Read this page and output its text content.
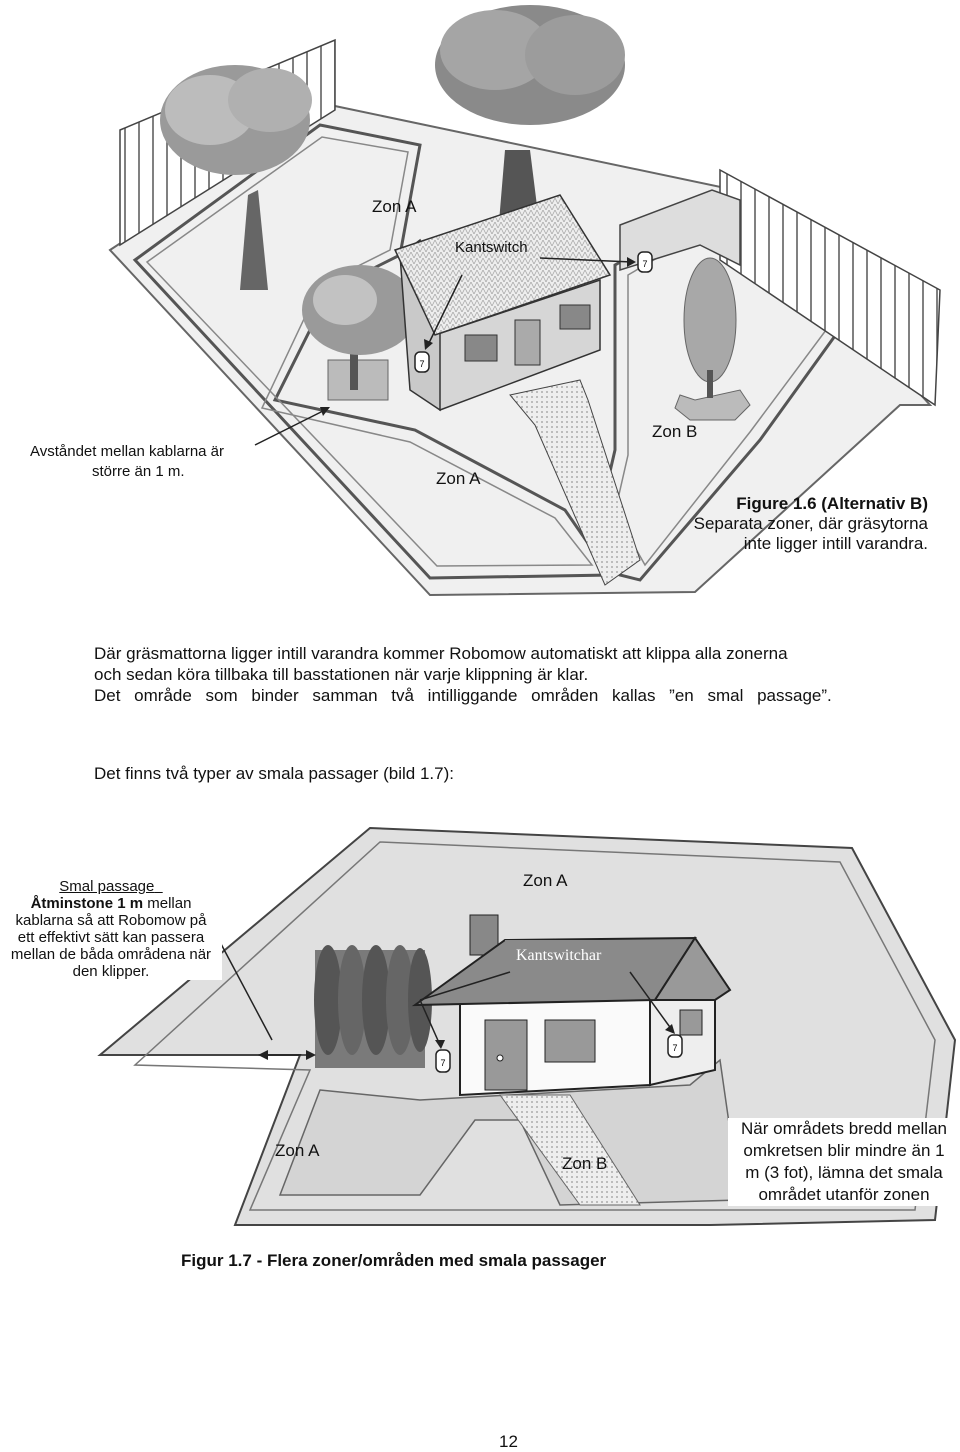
7
7
Zon A
Kantswitch
Avståndet mellan kablarna är
större än 1 m.	Zon A
Zon B
Figure 1.6 (Alternativ B)
Separata zoner, där gräsytorna
inte ligger intill varandra.
Där gräsmattorna ligger intill varandra kommer Robomow automatiskt att klippa alla zonerna
och sedan köra tillbaka till basstationen när varje klippning är klar.
Det område som binder samman två intilliggande områden kallas ”en smal passage”.
Det finns två typer av smala passager (bild 1.7):
7
7
Smal passage
Åtminstone 1 m mellan
kablarna så att Robomow på
ett effektivt sätt kan passera
mellan de båda områdena när
den klipper.
Zon A
Kantswitchar
Zon A
Zon B
När områdets bredd mellan
omkretsen blir mindre än 1
m (3 fot), lämna det smala
området utanför zonen
Figur 1.7 - Flera zoner/områden med smala passager
12
